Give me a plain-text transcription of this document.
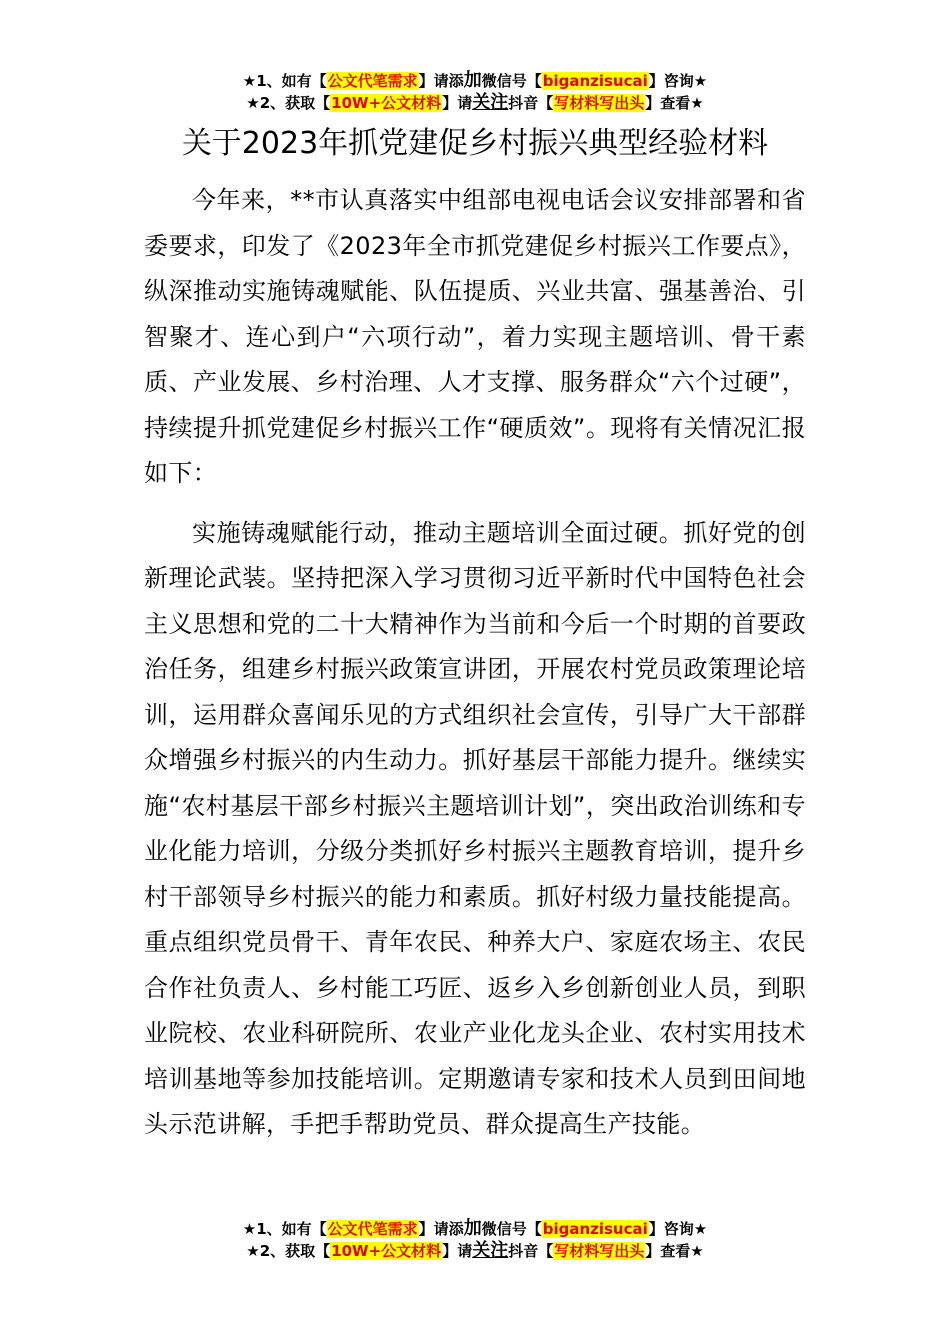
★1、如有【公文代笔需求】请添加微信号【biganzisucai】咨询★
★2、获取【10W+公文材料】请关注抖音【写材料写出头】查看★
关于2023年抓党建促乡村振兴典型经验材料

今年来，**市认真落实中组部电视电话会议安排部署和省委要求，印发了《2023年全市抓党建促乡村振兴工作要点》，纵深推动实施铸魂赋能、队伍提质、兴业共富、强基善治、引智聚才、连心到户“六项行动”，着力实现主题培训、骨干素质、产业发展、乡村治理、人才支撑、服务群众“六个过硬”，持续提升抓党建促乡村振兴工作“硬质效”。现将有关情况汇报如下：

实施铸魂赋能行动，推动主题培训全面过硬。抓好党的创新理论武装。坚持把深入学习贯彻习近平新时代中国特色社会主义思想和党的二十大精神作为当前和今后一个时期的首要政治任务，组建乡村振兴政策宣讲团，开展农村党员政策理论培训，运用群众喜闻乐见的方式组织社会宣传，引导广大干部群众增强乡村振兴的内生动力。抓好基层干部能力提升。继续实施“农村基层干部乡村振兴主题培训计划”，突出政治训练和专业化能力培训，分级分类抓好乡村振兴主题教育培训，提升乡村干部领导乡村振兴的能力和素质。抓好村级力量技能提高。重点组织党员骨干、青年农民、种养大户、家庭农场主、农民合作社负责人、乡村能工巧匠、返乡入乡创新创业人员，到职业院校、农业科研院所、农业产业化龙头企业、农村实用技术培训基地等参加技能培训。定期邀请专家和技术人员到田间地头示范讲解，手把手帮助党员、群众提高生产技能。

★1、如有【公文代笔需求】请添加微信号【biganzisucai】咨询★
★2、获取【10W+公文材料】请关注抖音【写材料写出头】查看★
